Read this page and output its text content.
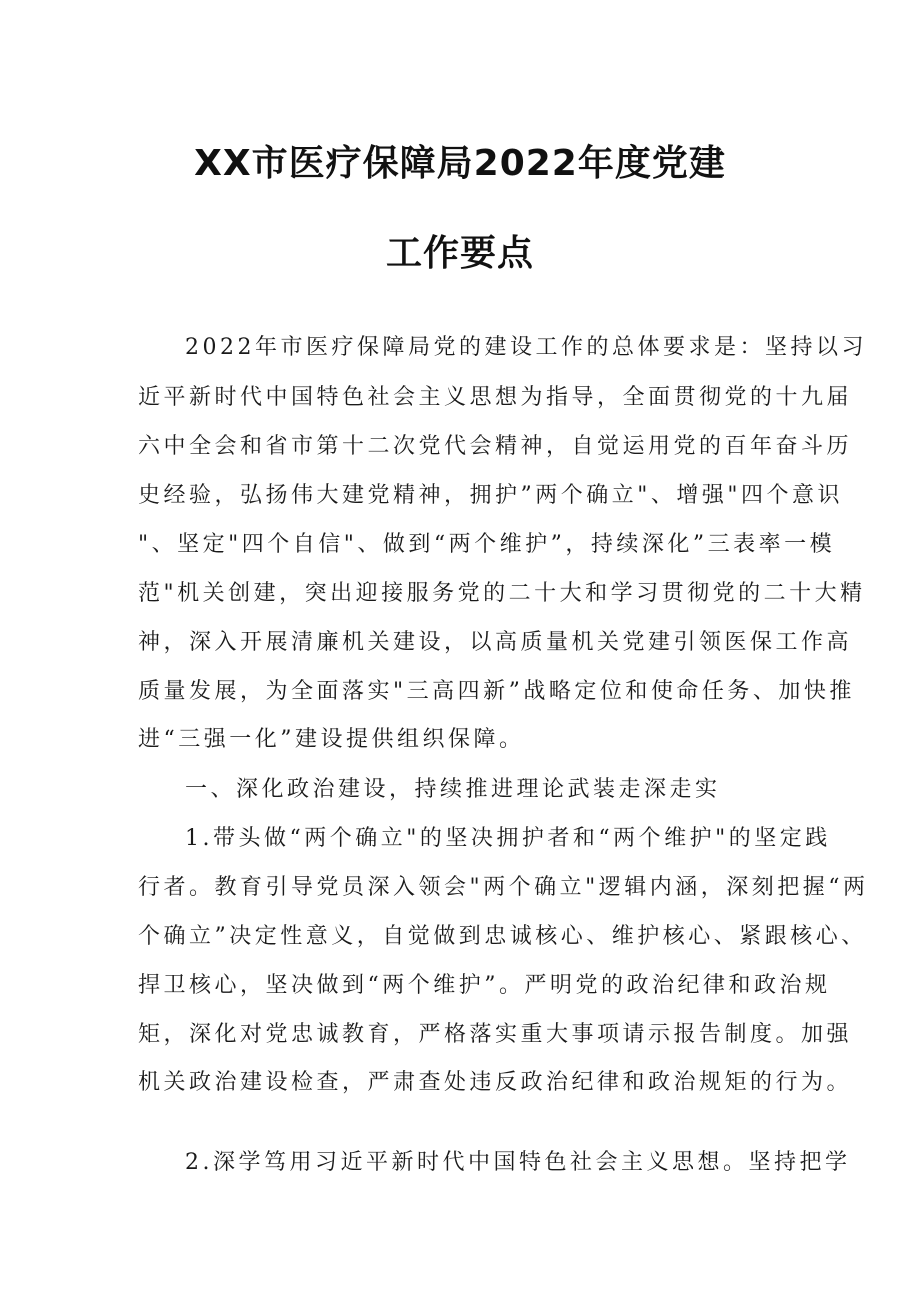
XX市医疗保障局2022年度党建
工作要点
2022年市医疗保障局党的建设工作的总体要求是：坚持以习
近平新时代中国特色社会主义思想为指导，全面贯彻党的十九届
六中全会和省市第十二次党代会精神，自觉运用党的百年奋斗历
史经验，弘扬伟大建党精神，拥护”两个确立"、增强"四个意识
"、坚定"四个自信"、做到“两个维护”，持续深化”三表率一模
范"机关创建，突出迎接服务党的二十大和学习贯彻党的二十大精
神，深入开展清廉机关建设，以高质量机关党建引领医保工作高
质量发展，为全面落实"三高四新”战略定位和使命任务、加快推
进“三强一化”建设提供组织保障。
一、深化政治建设，持续推进理论武装走深走实
1.带头做“两个确立"的坚决拥护者和“两个维护"的坚定践
行者。教育引导党员深入领会"两个确立"逻辑内涵，深刻把握“两
个确立”决定性意义，自觉做到忠诚核心、维护核心、紧跟核心、
捍卫核心，坚决做到“两个维护”。严明党的政治纪律和政治规
矩，深化对党忠诚教育，严格落实重大事项请示报告制度。加强
机关政治建设检查，严肃查处违反政治纪律和政治规矩的行为。
2.深学笃用习近平新时代中国特色社会主义思想。坚持把学
